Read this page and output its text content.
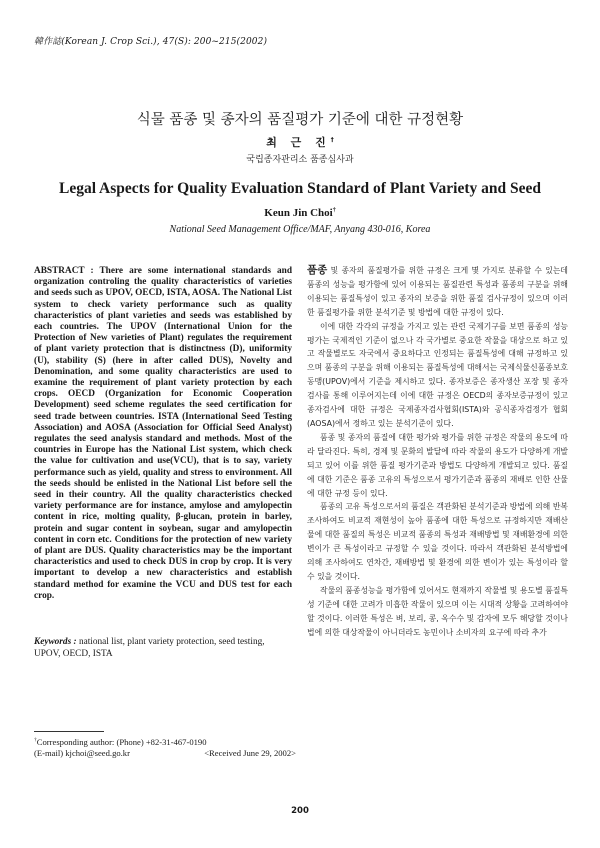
韓作誌(Korean J. Crop Sci.), 47(S): 200~215(2002)
식물 품종 및 종자의 품질평가 기준에 대한 규정현황
최 근 진†
국립종자관리소 품종심사과
Legal Aspects for Quality Evaluation Standard of Plant Variety and Seed
Keun Jin Choi†
National Seed Management Office/MAF, Anyang 430-016, Korea
ABSTRACT : There are some international standards and organization controling the quality characteristics of varieties and seeds such as UPOV, OECD, ISTA, AOSA. The National List system to check variety performance such as quality characteristics of plant varieties and seeds was established by each countries. The UPOV (International Union for the Protection of New varieties of Plant) regulates the requirement of plant variety protection that is distinctness (D), uniformity (U), stability (S) (here in after called DUS), Novelty and Denomination, and some quality characteristics are used to examine the requirement of plant variety protection by each crops. OECD (Organization for Economic Cooperation Development) seed scheme regulates the seed certification for seed trade between countries. ISTA (International Seed Testing Association) and AOSA (Association for Official Seed Analyst) regulates the seed analysis standard and methods. Most of the countries in Europe has the National List system, which check the value for cultivation and use(VCU), that is to say, variety performance such as yield, quality and stress to environment. All the seeds should be enlisted in the National List before sell the seed in their country. All the quality characteristics checked variety performance are for instance, amylose and amylopectin content in rice, molting quality, β-glucan, protein in barley, protein and sugar content in soybean, sugar and amylopectin content in corn etc. Conditions for the protection of new variety of plant are DUS. Quality characteristics may be the important characteristics and used to check DUS in crop by crop. It is very important to develop a new characteristics and establish standard method for examine the VCU and DUS test for each crop.
Keywords : national list, plant variety protection, seed testing, UPOV, OECD, ISTA
†Corresponding author: (Phone) +82-31-467-0190
(E-mail) kjchoi@seed.go.kr	<Received June 29, 2002>

품종 및 종자의 품질평가를 위한 규정은 크게 몇 가지로 분류할 수 있는데 품종의 성능을 평가함에 있어 이용되는 품질관련 특성과 품종의 구분을 위해 이용되는 품질특성이 있고 종자의 보증을 위한 품질 검사규정이 있으며 이러한 품질평가를 위한 분석기준 및 방법에 대한 규정이 있다.

이에 대한 각각의 규정을 가지고 있는 관련 국제기구를 보면 품종의 성능평가는 국제적인 기준이 없으나 각 국가별로 중요한 작물을 대상으로 하고 있고 작물별로도 자국에서 중요하다고 인정되는 품질특성에 대해 규정하고 있으며 품종의 구분을 위해 이용되는 품질특성에 대해서는 국제식물신품종보호동맹(UPOV)에서 기준을 제시하고 있다. 종자보증은 종자생산 포장 및 종자검사를 통해 이루어지는데 이에 대한 규정은 OECD의 종자보증규정이 있고 종자검사에 대한 규정은 국제종자검사협회(ISTA)와 공식종자검정가 협회(AOSA)에서 정하고 있는 분석기준이 있다.

품종 및 종자의 품질에 대한 평가와 평가를 위한 규정은 작물의 용도에 따라 달라진다. 특히, 경제 및 문화의 발달에 따라 작물의 용도가 다양하게 개발되고 있어 이를 위한 품질 평가기준과 방법도 다양하게 개발되고 있다. 품질에 대한 기준은 품종 고유의 특성으로서 평가기준과 품종의 재배로 인한 산물에 대한 규정 등이 있다.

품종의 고유 특성으로서의 품질은 객관화된 분석기준과 방법에 의해 반복 조사하여도 비교적 재현성이 높아 품종에 대한 특성으로 규정하지만 재배산물에 대한 품질의 특성은 비교적 품종의 특성과 재배방법 및 재배환경에 의한 변이가 큰 특성이라고 규정할 수 있을 것이다. 따라서 객관화된 분석방법에 의해 조사하여도 연차간, 재배방법 및 환경에 의한 변이가 있는 특성이라 할 수 있을 것이다.

작물의 품종성능을 평가함에 있어서도 현재까지 작물별 및 용도별 품질특성 기준에 대한 고려가 미흡한 작물이 있으며 이는 시대적 상황을 고려하여야 할 것이다. 이러한 특성은 벼, 보리, 콩, 옥수수 및 감자에 모두 해당할 것이나 법에 의한 대상작물이 아니더라도 농민이나 소비자의 요구에 따라 추가

200
